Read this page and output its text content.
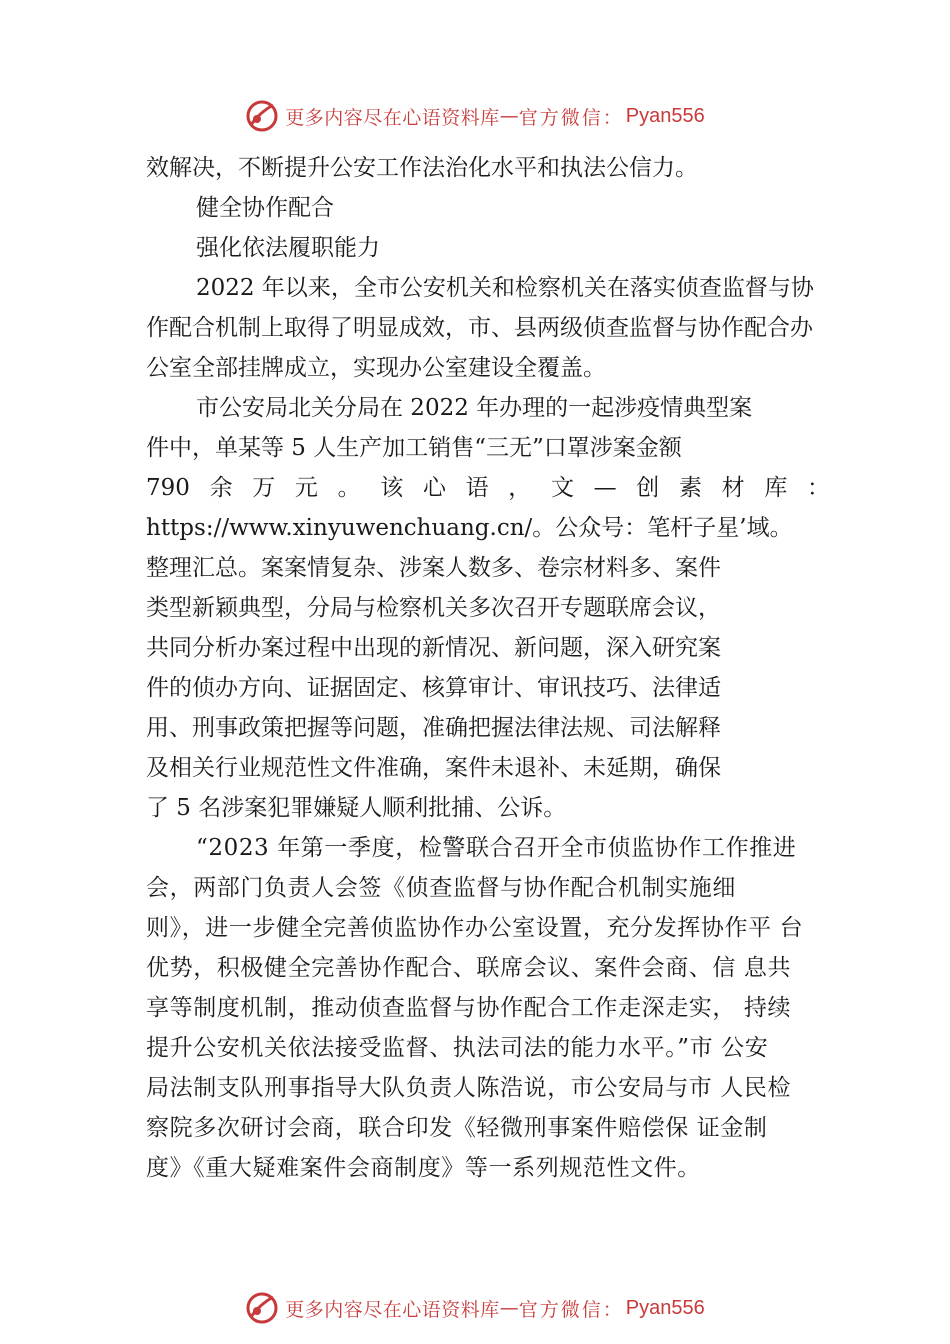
更多内容尽在心语资料库 — 官方微信： Pyan556

效解决，不断提升公安工作法治化水平和执法公信力。

健全协作配合

强化依法履职能力

2022 年以来，全市公安机关和检察机关在落实侦查监督与协作配合机制上取得了明显成效，市、县两级侦查监督与协作配合办公室全部挂牌成立，实现办公室建设全覆盖。

市公安局北关分局在 2022 年办理的一起涉疫情典型案

件中，单某等 5 人生产加工销售“三无”口罩涉案金额
790 余 万 元 。 该 心 语 ， 文 — 创 素 材 库 ：
https://www.xinyuwenchuang.cn/。公众号：笔杆子星’域。
整理汇总。案案情复杂、涉案人数多、卷宗材料多、案件
类型新颖典型，分局与检察机关多次召开专题联席会议，
共同分析办案过程中出现的新情况、新问题，深入研究案
件的侦办方向、证据固定、核算审计、审讯技巧、法律适
用、刑事政策把握等问题，准确把握法律法规、司法解释
及相关行业规范性文件准确，案件未退补、未延期，确保
了 5 名涉案犯罪嫌疑人顺利批捕、公诉。

“2023 年第一季度，检警联合召开全市侦监协作工作推进

会，两部门负责人会签《侦查监督与协作配合机制实施细
则》，进一步健全完善侦监协作办公室设置，充分发挥协作平 台
优势，积极健全完善协作配合、联席会议、案件会商、信 息共
享等制度机制，推动侦查监督与协作配合工作走深走实， 持续
提升公安机关依法接受监督、执法司法的能力水平。”市 公安
局法制支队刑事指导大队负责人陈浩说，市公安局与市 人民检
察院多次研讨会商，联合印发《轻微刑事案件赔偿保 证金制
度》《重大疑难案件会商制度》等一系列规范性文件。
更多内容尽在心语资料库 — 官方微信： Pyan556
